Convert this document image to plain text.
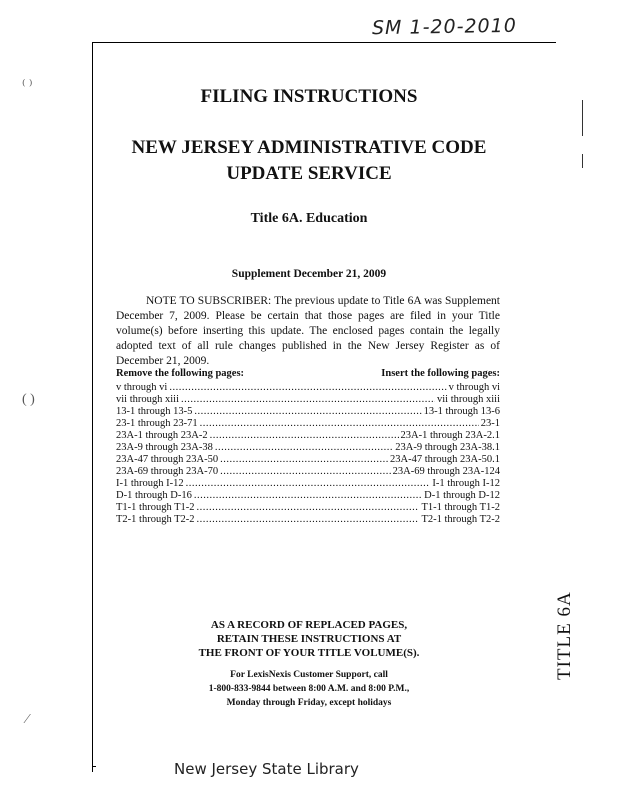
SM 1-20-2010
⁽ ⁾
( )
⁄
FILING INSTRUCTIONS
NEW JERSEY ADMINISTRATIVE CODE
UPDATE SERVICE
Title 6A. Education
Supplement December 21, 2009
NOTE TO SUBSCRIBER: The previous update to Title 6A was Supplement December 7, 2009. Please be certain that those pages are filed in your Title volume(s) before inserting this update. The enclosed pages contain the legally adopted text of all rule changes published in the New Jersey Register as of December 21, 2009.
Remove the following pages:	Insert the following pages:
v through vi .....	v through vi
vii through xiii .....	vii through xiii
13-1 through 13-5 .....	13-1 through 13-6
23-1 through 23-71 .....	23-1
23A-1 through 23A-2 .....	23A-1 through 23A-2.1
23A-9 through 23A-38 .....	23A-9 through 23A-38.1
23A-47 through 23A-50 .....	23A-47 through 23A-50.1
23A-69 through 23A-70 .....	23A-69 through 23A-124
I-1 through I-12 .....	I-1 through I-12
D-1 through D-16 .....	D-1 through D-12
T1-1 through T1-2 .....	T1-1 through T1-2
T2-1 through T2-2 .....	T2-1 through T2-2
AS A RECORD OF REPLACED PAGES,
RETAIN THESE INSTRUCTIONS AT
THE FRONT OF YOUR TITLE VOLUME(S).
For LexisNexis Customer Support, call
1-800-833-9844 between 8:00 A.M. and 8:00 P.M.,
Monday through Friday, except holidays
TITLE 6A
New Jersey State Library
